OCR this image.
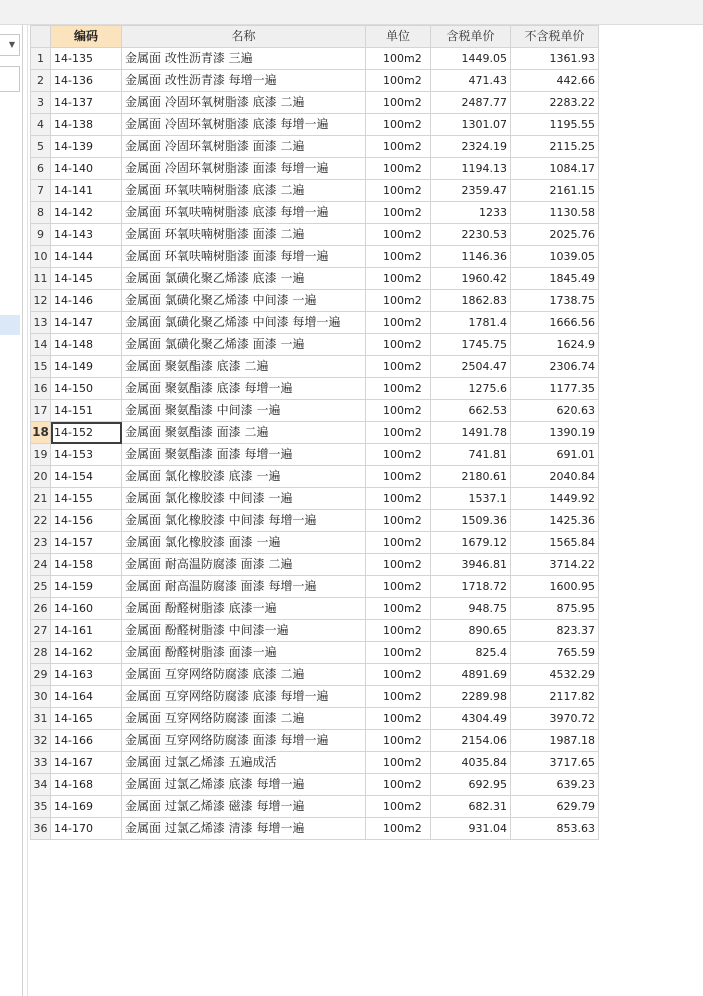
▼
	编码	名称	单位	含税单价	不含税单价
1	14-135	金属面 改性沥青漆 三遍	100m2	1449.05	1361.93
2	14-136	金属面 改性沥青漆 每增一遍	100m2	471.43	442.66
3	14-137	金属面 冷固环氧树脂漆 底漆 二遍	100m2	2487.77	2283.22
4	14-138	金属面 冷固环氧树脂漆 底漆 每增一遍	100m2	1301.07	1195.55
5	14-139	金属面 冷固环氧树脂漆 面漆 二遍	100m2	2324.19	2115.25
6	14-140	金属面 冷固环氧树脂漆 面漆 每增一遍	100m2	1194.13	1084.17
7	14-141	金属面 环氧呋喃树脂漆 底漆 二遍	100m2	2359.47	2161.15
8	14-142	金属面 环氧呋喃树脂漆 底漆 每增一遍	100m2	1233	1130.58
9	14-143	金属面 环氧呋喃树脂漆 面漆 二遍	100m2	2230.53	2025.76
10	14-144	金属面 环氧呋喃树脂漆 面漆 每增一遍	100m2	1146.36	1039.05
11	14-145	金属面 氯磺化聚乙烯漆 底漆 一遍	100m2	1960.42	1845.49
12	14-146	金属面 氯磺化聚乙烯漆 中间漆 一遍	100m2	1862.83	1738.75
13	14-147	金属面 氯磺化聚乙烯漆 中间漆 每增一遍	100m2	1781.4	1666.56
14	14-148	金属面 氯磺化聚乙烯漆 面漆 一遍	100m2	1745.75	1624.9
15	14-149	金属面 聚氨酯漆 底漆 二遍	100m2	2504.47	2306.74
16	14-150	金属面 聚氨酯漆 底漆 每增一遍	100m2	1275.6	1177.35
17	14-151	金属面 聚氨酯漆 中间漆 一遍	100m2	662.53	620.63
18	14-152	金属面 聚氨酯漆 面漆 二遍	100m2	1491.78	1390.19
19	14-153	金属面 聚氨酯漆 面漆 每增一遍	100m2	741.81	691.01
20	14-154	金属面 氯化橡胶漆 底漆 一遍	100m2	2180.61	2040.84
21	14-155	金属面 氯化橡胶漆 中间漆 一遍	100m2	1537.1	1449.92
22	14-156	金属面 氯化橡胶漆 中间漆 每增一遍	100m2	1509.36	1425.36
23	14-157	金属面 氯化橡胶漆 面漆 一遍	100m2	1679.12	1565.84
24	14-158	金属面 耐高温防腐漆 面漆 二遍	100m2	3946.81	3714.22
25	14-159	金属面 耐高温防腐漆 面漆 每增一遍	100m2	1718.72	1600.95
26	14-160	金属面 酚醛树脂漆 底漆一遍	100m2	948.75	875.95
27	14-161	金属面 酚醛树脂漆 中间漆一遍	100m2	890.65	823.37
28	14-162	金属面 酚醛树脂漆 面漆一遍	100m2	825.4	765.59
29	14-163	金属面 互穿网络防腐漆 底漆 二遍	100m2	4891.69	4532.29
30	14-164	金属面 互穿网络防腐漆 底漆 每增一遍	100m2	2289.98	2117.82
31	14-165	金属面 互穿网络防腐漆 面漆 二遍	100m2	4304.49	3970.72
32	14-166	金属面 互穿网络防腐漆 面漆 每增一遍	100m2	2154.06	1987.18
33	14-167	金属面 过氯乙烯漆 五遍成活	100m2	4035.84	3717.65
34	14-168	金属面 过氯乙烯漆 底漆 每增一遍	100m2	692.95	639.23
35	14-169	金属面 过氯乙烯漆 磁漆 每增一遍	100m2	682.31	629.79
36	14-170	金属面 过氯乙烯漆 清漆 每增一遍	100m2	931.04	853.63
